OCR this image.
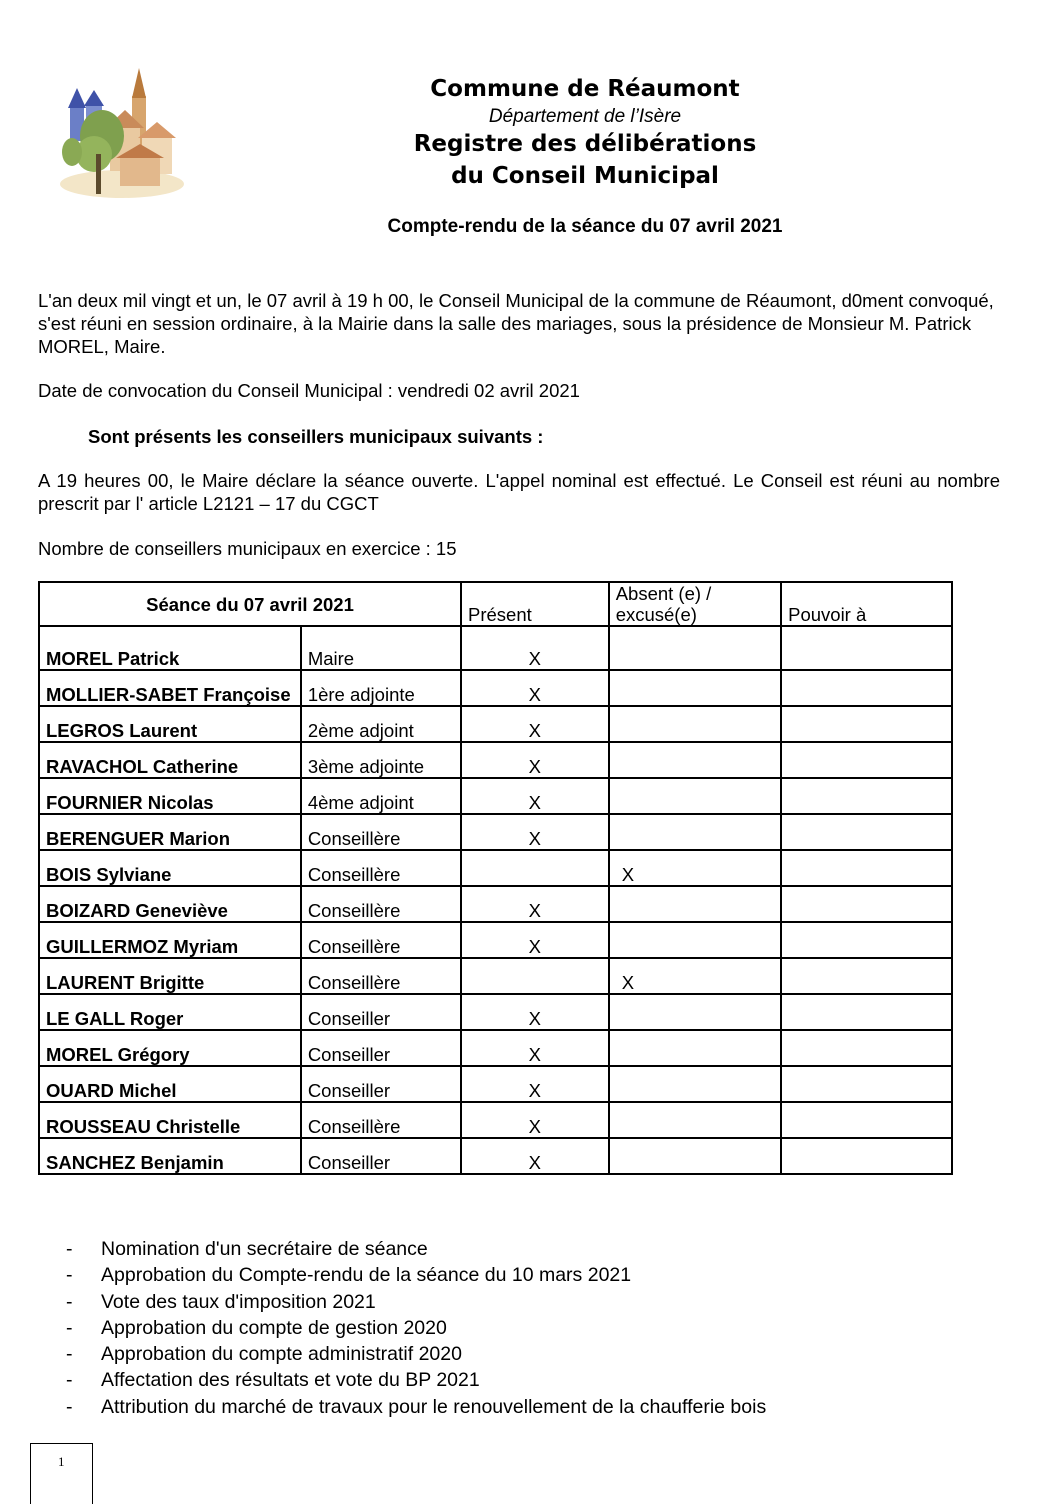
Commune de Réaumont
Département de l’Isère
Registre des délibérations
du Conseil Municipal
Compte-rendu de la séance du 07 avril 2021
L'an deux mil vingt et un, le 07 avril à 19 h 00, le Conseil Municipal de la commune de Réaumont, d0ment convoqué, s'est réuni en session ordinaire, à la Mairie dans la salle des mariages, sous la présidence de Monsieur M. Patrick MOREL, Maire.
Date de convocation du Conseil Municipal : vendredi 02 avril 2021
Sont présents les conseillers municipaux suivants :
A 19 heures 00, le Maire déclare la séance ouverte. L'appel nominal est effectué. Le Conseil est réuni au nombre prescrit par l' article L2121 – 17 du CGCT
Nombre de conseillers municipaux en exercice : 15
Séance du 07 avril 2021		Présent	Absent (e) / excusé(e)	Pouvoir à
MOREL Patrick	Maire	X		
MOLLIER-SABET Françoise	1ère adjointe	X		
LEGROS Laurent	2ème adjoint	X		
RAVACHOL Catherine	3ème adjointe	X		
FOURNIER Nicolas	4ème adjoint	X		
BERENGUER Marion	Conseillère	X		
BOIS Sylviane	Conseillère		X	
BOIZARD Geneviève	Conseillère	X		
GUILLERMOZ Myriam	Conseillère	X		
LAURENT Brigitte	Conseillère		X	
LE GALL Roger	Conseiller	X		
MOREL Grégory	Conseiller	X		
OUARD Michel	Conseiller	X		
ROUSSEAU Christelle	Conseillère	X		
SANCHEZ Benjamin	Conseiller	X		
- Nomination d'un secrétaire de séance
- Approbation du Compte-rendu de la séance du 10 mars 2021
- Vote des taux d'imposition 2021
- Approbation du compte de gestion 2020
- Approbation du compte administratif 2020
- Affectation des résultats et vote du BP 2021
- Attribution du marché de travaux pour le renouvellement de la chaufferie bois
1
